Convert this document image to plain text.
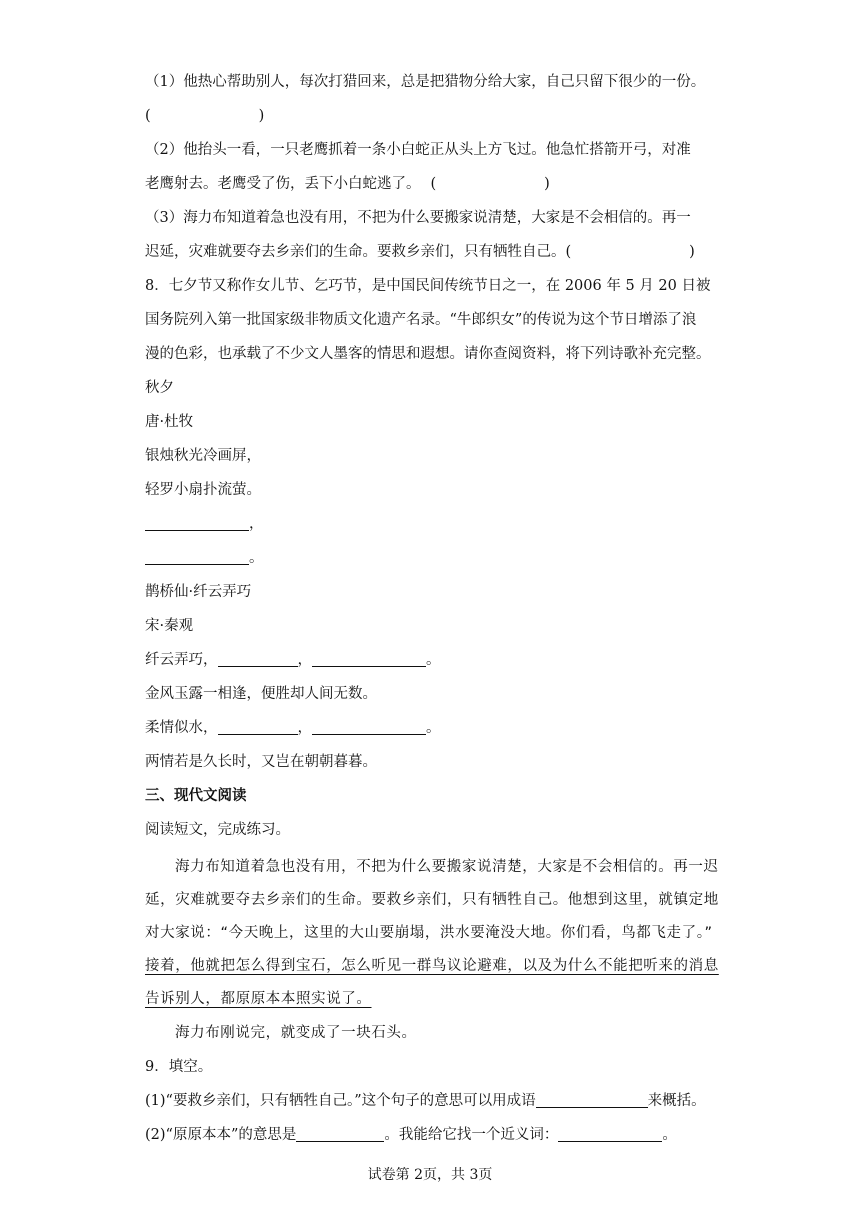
（1）他热心帮助别人，每次打猎回来，总是把猎物分给大家，自己只留下很少的一份。
(	)
（2）他抬头一看，一只老鹰抓着一条小白蛇正从头上方飞过。他急忙搭箭开弓，对准
老鹰射去。老鹰受了伤，丢下小白蛇逃了。 (	)
（3）海力布知道着急也没有用，不把为什么要搬家说清楚，大家是不会相信的。再一
迟延，灾难就要夺去乡亲们的生命。要救乡亲们，只有牺牲自己。(	)
8．七夕节又称作女儿节、乞巧节，是中国民间传统节日之一，在 2006 年 5 月 20 日被
国务院列入第一批国家级非物质文化遗产名录。“牛郎织女”的传说为这个节日增添了浪
漫的色彩，也承载了不少文人墨客的情思和遐想。请你查阅资料，将下列诗歌补充完整。
秋夕
唐·杜牧
银烛秋光冷画屏，
轻罗小扇扑流萤。
，
。
鹊桥仙·纤云弄巧
宋·秦观
纤云弄巧，	，	。
金风玉露一相逢，便胜却人间无数。
柔情似水，	，	。
两情若是久长时，又岂在朝朝暮暮。
三、现代文阅读
阅读短文，完成练习。
海力布知道着急也没有用，不把为什么要搬家说清楚，大家是不会相信的。再一迟
延，灾难就要夺去乡亲们的生命。要救乡亲们，只有牺牲自己。他想到这里，就镇定地
对大家说：“今天晚上，这里的大山要崩塌，洪水要淹没大地。你们看，鸟都飞走了。”
接着，他就把怎么得到宝石，怎么听见一群鸟议论避难，以及为什么不能把听来的消息
告诉别人，都原原本本照实说了。
海力布刚说完，就变成了一块石头。
9．填空。
(1)“要救乡亲们，只有牺牲自己。”这个句子的意思可以用成语	来概括。
(2)“原原本本”的意思是	。我能给它找一个近义词：	。
试卷第 2页，共 3页
